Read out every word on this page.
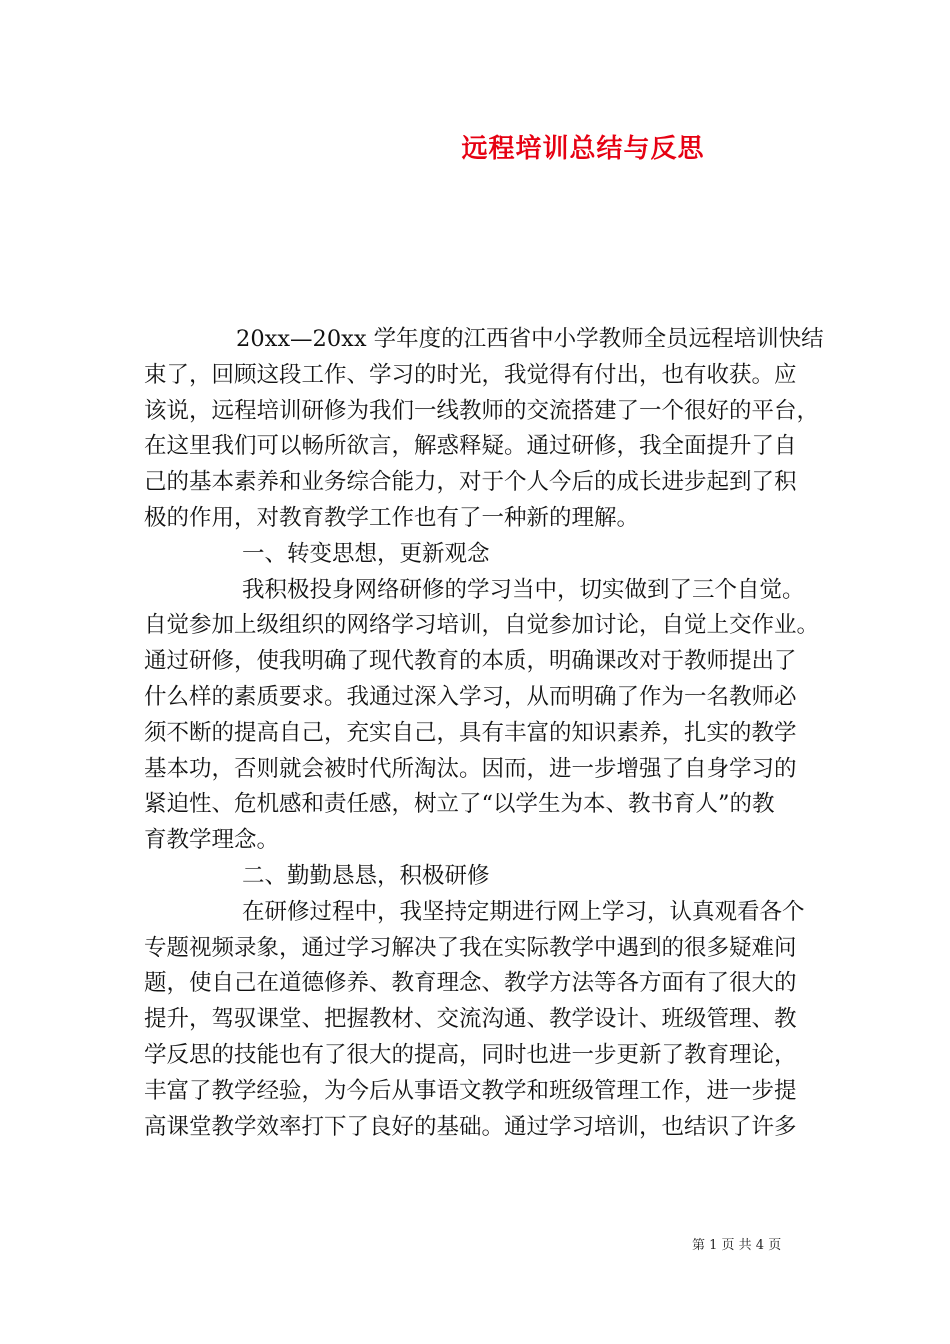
远程培训总结与反思
20xx—20xx 学年度的江西省中小学教师全员远程培训快结
束了，回顾这段工作、学习的时光，我觉得有付出，也有收获。应
该说，远程培训研修为我们一线教师的交流搭建了一个很好的平台，
在这里我们可以畅所欲言，解惑释疑。通过研修，我全面提升了自
己的基本素养和业务综合能力，对于个人今后的成长进步起到了积
极的作用，对教育教学工作也有了一种新的理解。
一、转变思想，更新观念
我积极投身网络研修的学习当中，切实做到了三个自觉。
自觉参加上级组织的网络学习培训，自觉参加讨论，自觉上交作业。
通过研修，使我明确了现代教育的本质，明确课改对于教师提出了
什么样的素质要求。我通过深入学习，从而明确了作为一名教师必
须不断的提高自己，充实自己，具有丰富的知识素养，扎实的教学
基本功，否则就会被时代所淘汰。因而，进一步增强了自身学习的
紧迫性、危机感和责任感，树立了“以学生为本、教书育人”的教
育教学理念。
二、勤勤恳恳，积极研修
在研修过程中，我坚持定期进行网上学习，认真观看各个
专题视频录象，通过学习解决了我在实际教学中遇到的很多疑难问
题，使自己在道德修养、教育理念、教学方法等各方面有了很大的
提升，驾驭课堂、把握教材、交流沟通、教学设计、班级管理、教
学反思的技能也有了很大的提高，同时也进一步更新了教育理论，
丰富了教学经验，为今后从事语文教学和班级管理工作，进一步提
高课堂教学效率打下了良好的基础。通过学习培训，也结识了许多
第 1 页 共 4 页
